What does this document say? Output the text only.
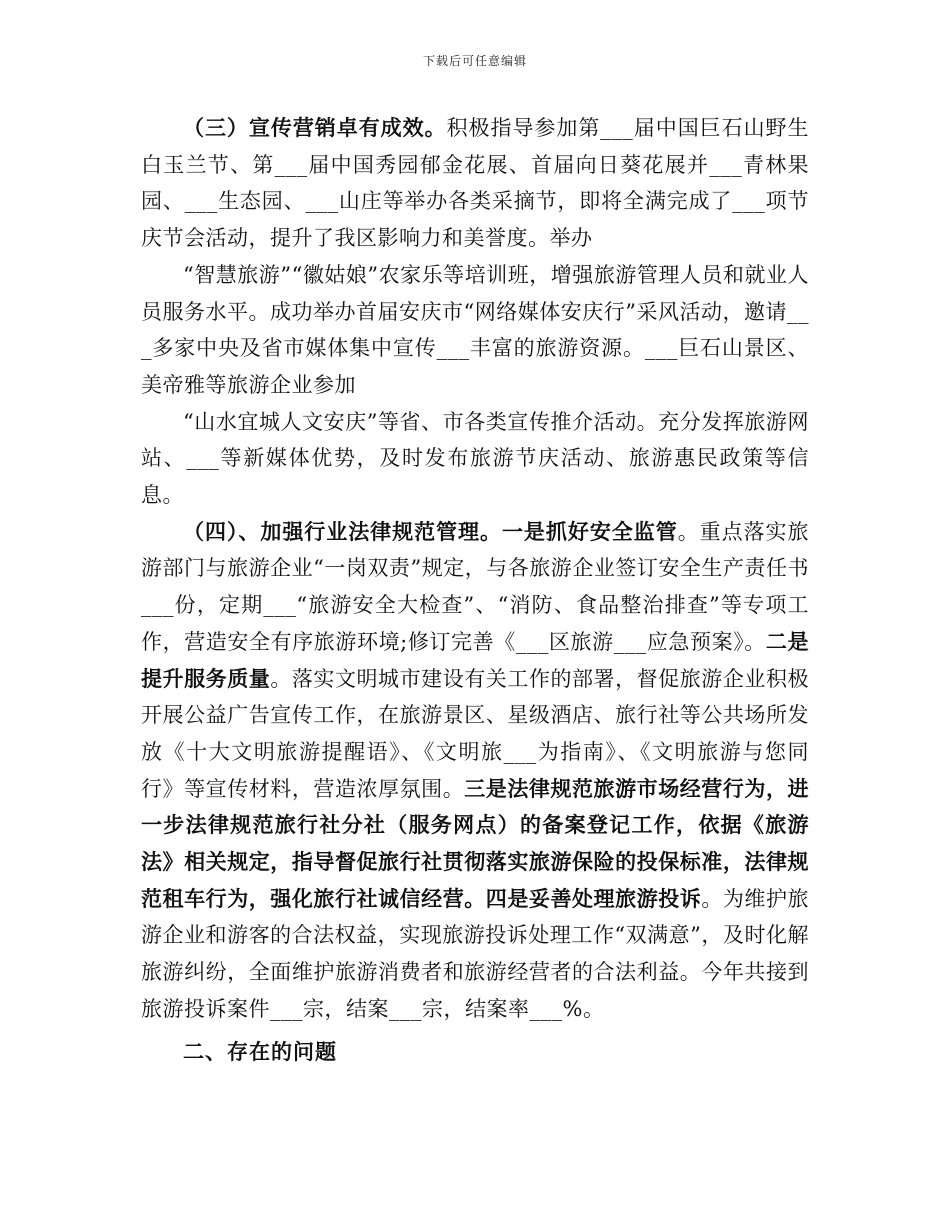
下载后可任意编辑

（三）宣传营销卓有成效。积极指导参加第___届中国巨石山野生白玉兰节、第___届中国秀园郁金花展、首届向日葵花展并___青林果园、___生态园、___山庄等举办各类采摘节，即将全满完成了___项节庆节会活动，提升了我区影响力和美誉度。举办

“智慧旅游”“徽姑娘”农家乐等培训班，增强旅游管理人员和就业人员服务水平。成功举办首届安庆市“网络媒体安庆行”采风活动，邀请___多家中央及省市媒体集中宣传___丰富的旅游资源。___巨石山景区、美帝雅等旅游企业参加

“山水宜城人文安庆”等省、市各类宣传推介活动。充分发挥旅游网站、___等新媒体优势，及时发布旅游节庆活动、旅游惠民政策等信息。

（四）、加强行业法律规范管理。一是抓好安全监管。重点落实旅游部门与旅游企业“一岗双责”规定，与各旅游企业签订安全生产责任书___份，定期___“旅游安全大检查”、“消防、食品整治排查”等专项工作，营造安全有序旅游环境;修订完善《___区旅游___应急预案》。二是提升服务质量。落实文明城市建设有关工作的部署，督促旅游企业积极开展公益广告宣传工作，在旅游景区、星级酒店、旅行社等公共场所发放《十大文明旅游提醒语》、《文明旅___为指南》、《文明旅游与您同行》等宣传材料，营造浓厚氛围。三是法律规范旅游市场经营行为，进一步法律规范旅行社分社（服务网点）的备案登记工作，依据《旅游法》相关规定，指导督促旅行社贯彻落实旅游保险的投保标准，法律规范租车行为，强化旅行社诚信经营。四是妥善处理旅游投诉。为维护旅游企业和游客的合法权益，实现旅游投诉处理工作“双满意”，及时化解旅游纠纷，全面维护旅游消费者和旅游经营者的合法利益。今年共接到旅游投诉案件___宗，结案___宗，结案率___%。

二、存在的问题
